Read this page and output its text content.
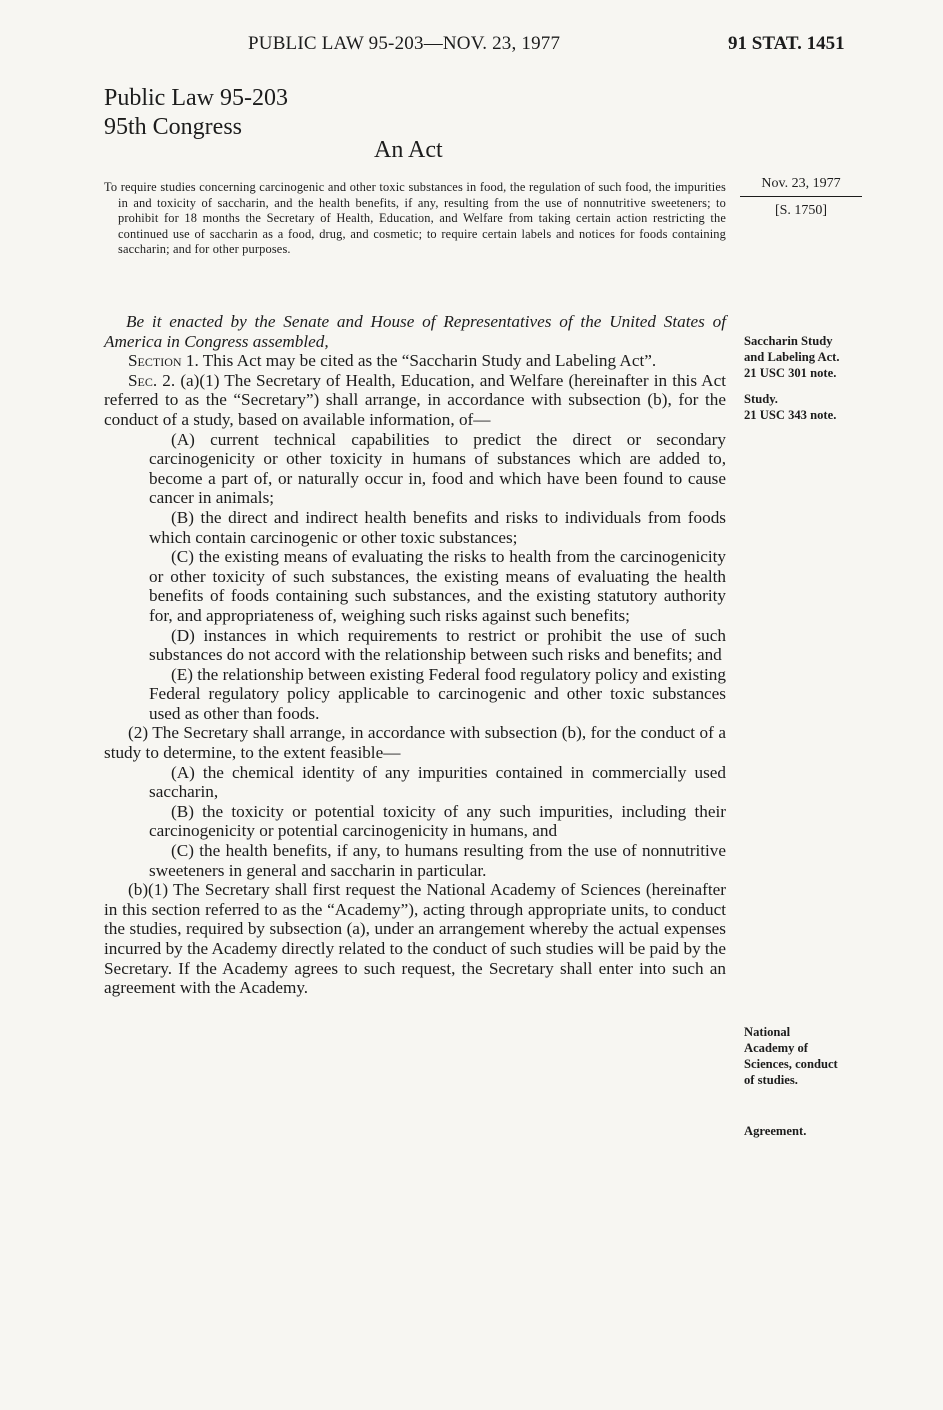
PUBLIC LAW 95-203—NOV. 23, 1977	91 STAT. 1451
Public Law 95-203
95th Congress
An Act

To require studies concerning carcinogenic and other toxic substances in food, the regulation of such food, the impurities in and toxicity of saccharin, and the health benefits, if any, resulting from the use of nonnutritive sweeteners; to prohibit for 18 months the Secretary of Health, Education, and Welfare from taking certain action restricting the continued use of saccharin as a food, drug, and cosmetic; to require certain labels and notices for foods containing saccharin; and for other purposes.

Nov. 23, 1977
[S. 1750]

Be it enacted by the Senate and House of Representatives of the United States of America in Congress assembled,

Section 1. This Act may be cited as the “Saccharin Study and Labeling Act”.

Sec. 2. (a)(1) The Secretary of Health, Education, and Welfare (hereinafter in this Act referred to as the “Secretary”) shall arrange, in accordance with subsection (b), for the conduct of a study, based on available information, of—

(A) current technical capabilities to predict the direct or secondary carcinogenicity or other toxicity in humans of substances which are added to, become a part of, or naturally occur in, food and which have been found to cause cancer in animals;

(B) the direct and indirect health benefits and risks to individuals from foods which contain carcinogenic or other toxic substances;

(C) the existing means of evaluating the risks to health from the carcinogenicity or other toxicity of such substances, the existing means of evaluating the health benefits of foods containing such substances, and the existing statutory authority for, and appropriateness of, weighing such risks against such benefits;

(D) instances in which requirements to restrict or prohibit the use of such substances do not accord with the relationship between such risks and benefits; and

(E) the relationship between existing Federal food regulatory policy and existing Federal regulatory policy applicable to carcinogenic and other toxic substances used as other than foods.

(2) The Secretary shall arrange, in accordance with subsection (b), for the conduct of a study to determine, to the extent feasible—

(A) the chemical identity of any impurities contained in commercially used saccharin,

(B) the toxicity or potential toxicity of any such impurities, including their carcinogenicity or potential carcinogenicity in humans, and

(C) the health benefits, if any, to humans resulting from the use of nonnutritive sweeteners in general and saccharin in particular.

(b)(1) The Secretary shall first request the National Academy of Sciences (hereinafter in this section referred to as the “Academy”), acting through appropriate units, to conduct the studies, required by subsection (a), under an arrangement whereby the actual expenses incurred by the Academy directly related to the conduct of such studies will be paid by the Secretary. If the Academy agrees to such request, the Secretary shall enter into such an agreement with the Academy.

Saccharin Study
and Labeling Act.
21 USC 301 note.
Study.
21 USC 343 note.
National
Academy of
Sciences, conduct
of studies.
Agreement.
